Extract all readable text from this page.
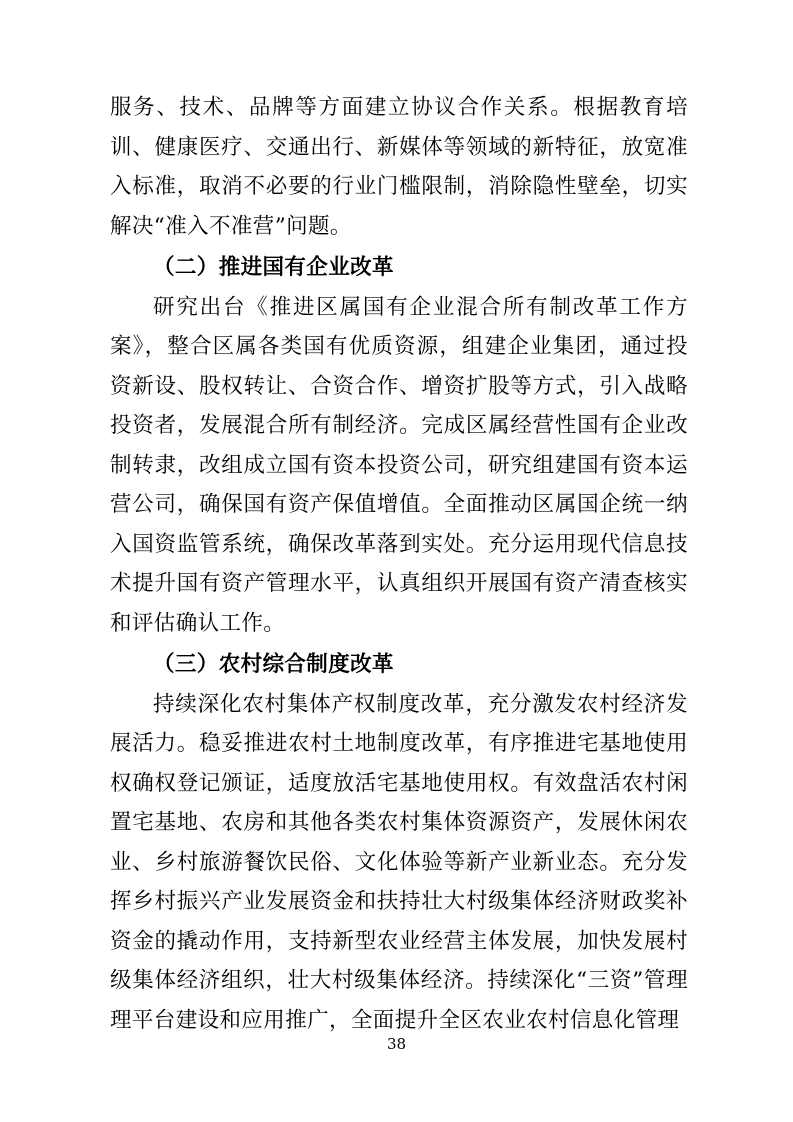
服务、技术、品牌等方面建立协议合作关系。根据教育培训、健康医疗、交通出行、新媒体等领域的新特征，放宽准入标准，取消不必要的行业门槛限制，消除隐性壁垒，切实解决“准入不准营”问题。

（二）推进国有企业改革

研究出台《推进区属国有企业混合所有制改革工作方案》，整合区属各类国有优质资源，组建企业集团，通过投资新设、股权转让、合资合作、增资扩股等方式，引入战略投资者，发展混合所有制经济。完成区属经营性国有企业改制转隶，改组成立国有资本投资公司，研究组建国有资本运营公司，确保国有资产保值增值。全面推动区属国企统一纳入国资监管系统，确保改革落到实处。充分运用现代信息技术提升国有资产管理水平，认真组织开展国有资产清查核实和评估确认工作。

（三）农村综合制度改革

持续深化农村集体产权制度改革，充分激发农村经济发展活力。稳妥推进农村土地制度改革，有序推进宅基地使用权确权登记颁证，适度放活宅基地使用权。有效盘活农村闲置宅基地、农房和其他各类农村集体资源资产，发展休闲农业、乡村旅游餐饮民俗、文化体验等新产业新业态。充分发挥乡村振兴产业发展资金和扶持壮大村级集体经济财政奖补资金的撬动作用，支持新型农业经营主体发展，加快发展村级集体经济组织，壮大村级集体经济。持续深化“三资”管理理平台建设和应用推广，全面提升全区农业农村信息化管理

38
